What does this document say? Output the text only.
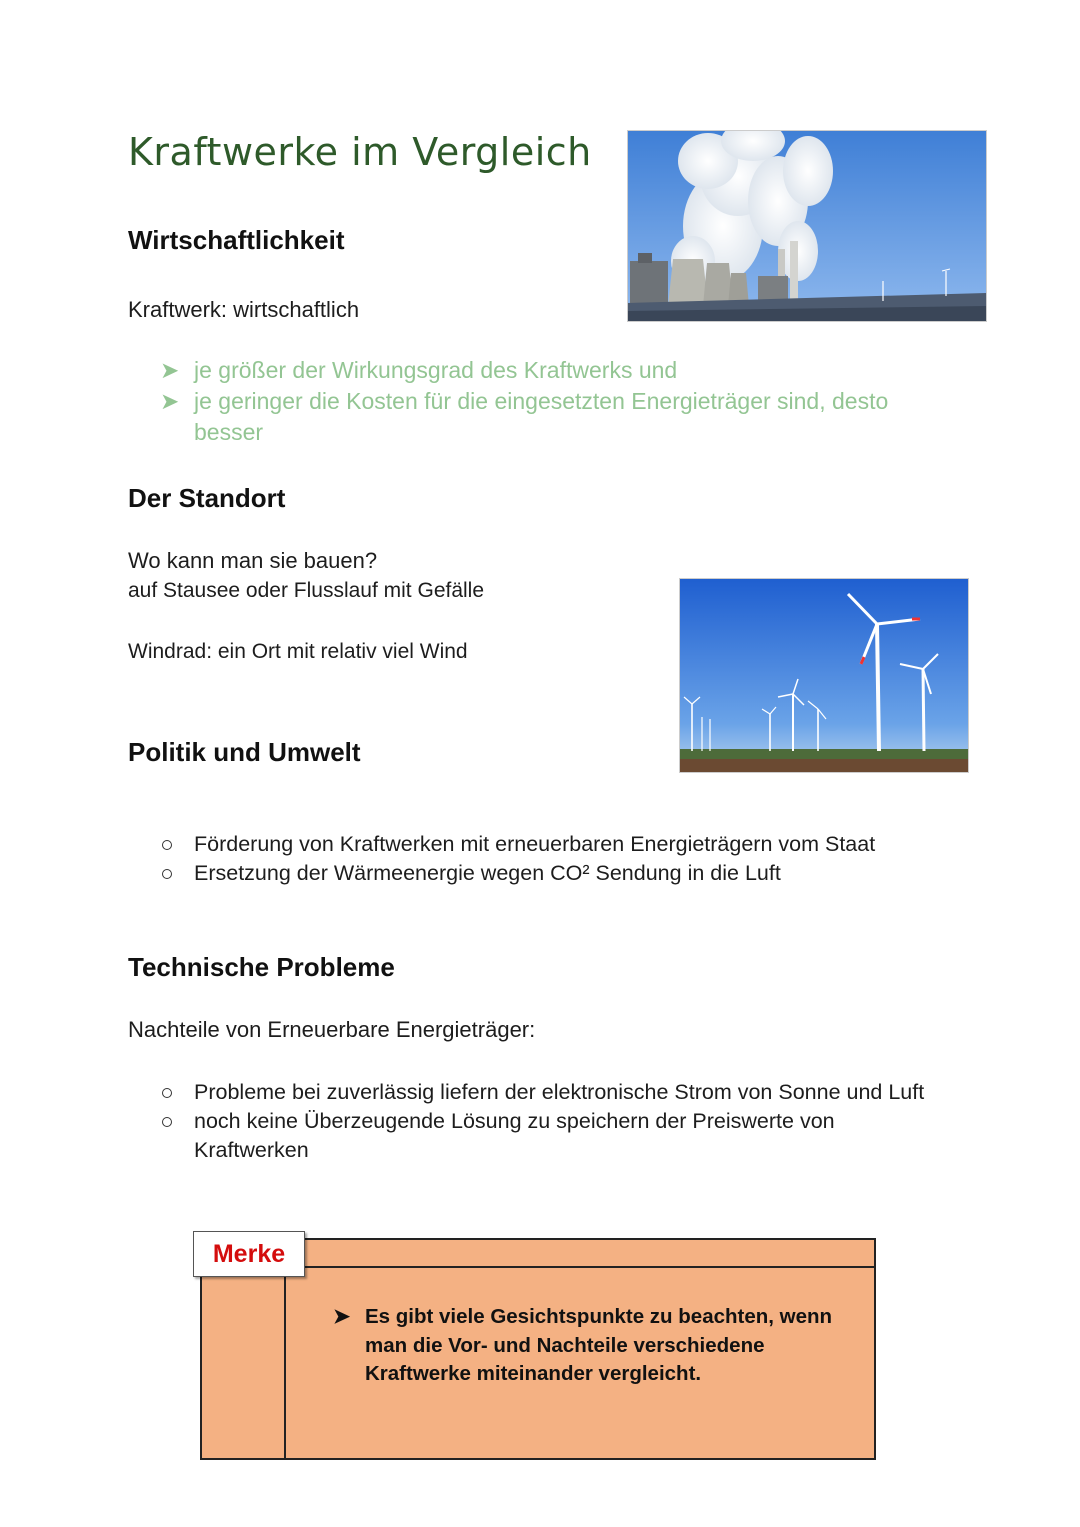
Kraftwerke im Vergleich
Wirtschaftlichkeit
Kraftwerk: wirtschaftlich
➤ je größer der Wirkungsgrad des Kraftwerks und
➤ je geringer die Kosten für die eingesetzten Energieträger sind, desto besser
Der Standort
Wo kann man sie bauen?
auf Stausee oder Flusslauf mit Gefälle
Windrad: ein Ort mit relativ viel Wind
Politik und Umwelt
Förderung von Kraftwerken mit erneuerbaren Energieträgern vom Staat
Ersetzung der Wärmeenergie wegen CO² Sendung in die Luft
Technische Probleme
Nachteile von Erneuerbare Energieträger:
Probleme bei zuverlässig liefern der elektronische Strom von Sonne und Luft
noch keine Überzeugende Lösung zu speichern der Preiswerte von Kraftwerken
Merke
➤ Es gibt viele Gesichtspunkte zu beachten, wenn man die Vor- und Nachteile verschiedene Kraftwerke miteinander vergleicht.
